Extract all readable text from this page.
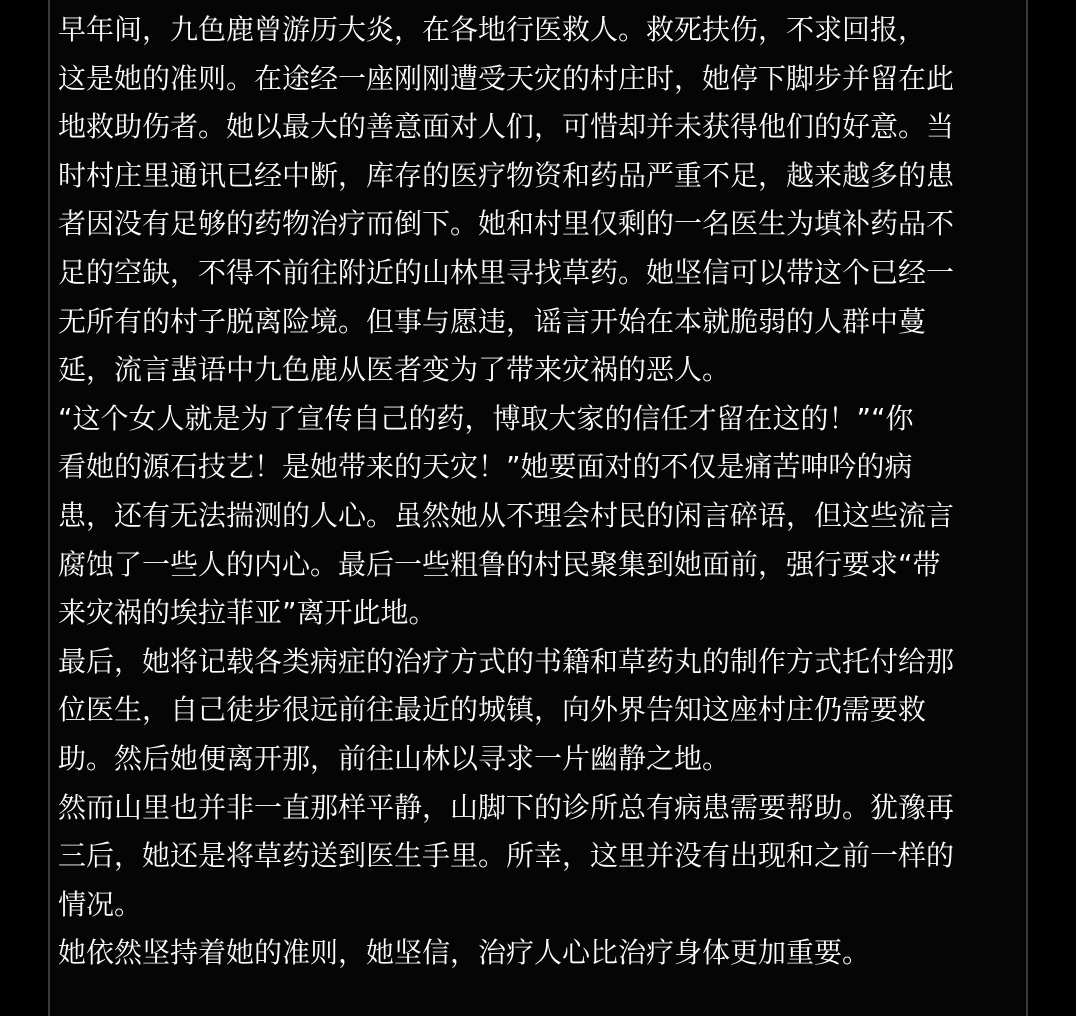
早年间，九色鹿曾游历大炎，在各地行医救人。救死扶伤，不求回报，
这是她的准则。在途经一座刚刚遭受天灾的村庄时，她停下脚步并留在此
地救助伤者。她以最大的善意面对人们，可惜却并未获得他们的好意。当
时村庄里通讯已经中断，库存的医疗物资和药品严重不足，越来越多的患
者因没有足够的药物治疗而倒下。她和村里仅剩的一名医生为填补药品不
足的空缺，不得不前往附近的山林里寻找草药。她坚信可以带这个已经一
无所有的村子脱离险境。但事与愿违，谣言开始在本就脆弱的人群中蔓
延，流言蜚语中九色鹿从医者变为了带来灾祸的恶人。
“这个女人就是为了宣传自己的药，博取大家的信任才留在这的！”“你
看她的源石技艺！是她带来的天灾！”她要面对的不仅是痛苦呻吟的病
患，还有无法揣测的人心。虽然她从不理会村民的闲言碎语，但这些流言
腐蚀了一些人的内心。最后一些粗鲁的村民聚集到她面前，强行要求“带
来灾祸的埃拉菲亚”离开此地。
最后，她将记载各类病症的治疗方式的书籍和草药丸的制作方式托付给那
位医生，自己徒步很远前往最近的城镇，向外界告知这座村庄仍需要救
助。然后她便离开那，前往山林以寻求一片幽静之地。
然而山里也并非一直那样平静，山脚下的诊所总有病患需要帮助。犹豫再
三后，她还是将草药送到医生手里。所幸，这里并没有出现和之前一样的
情况。
她依然坚持着她的准则，她坚信，治疗人心比治疗身体更加重要。
